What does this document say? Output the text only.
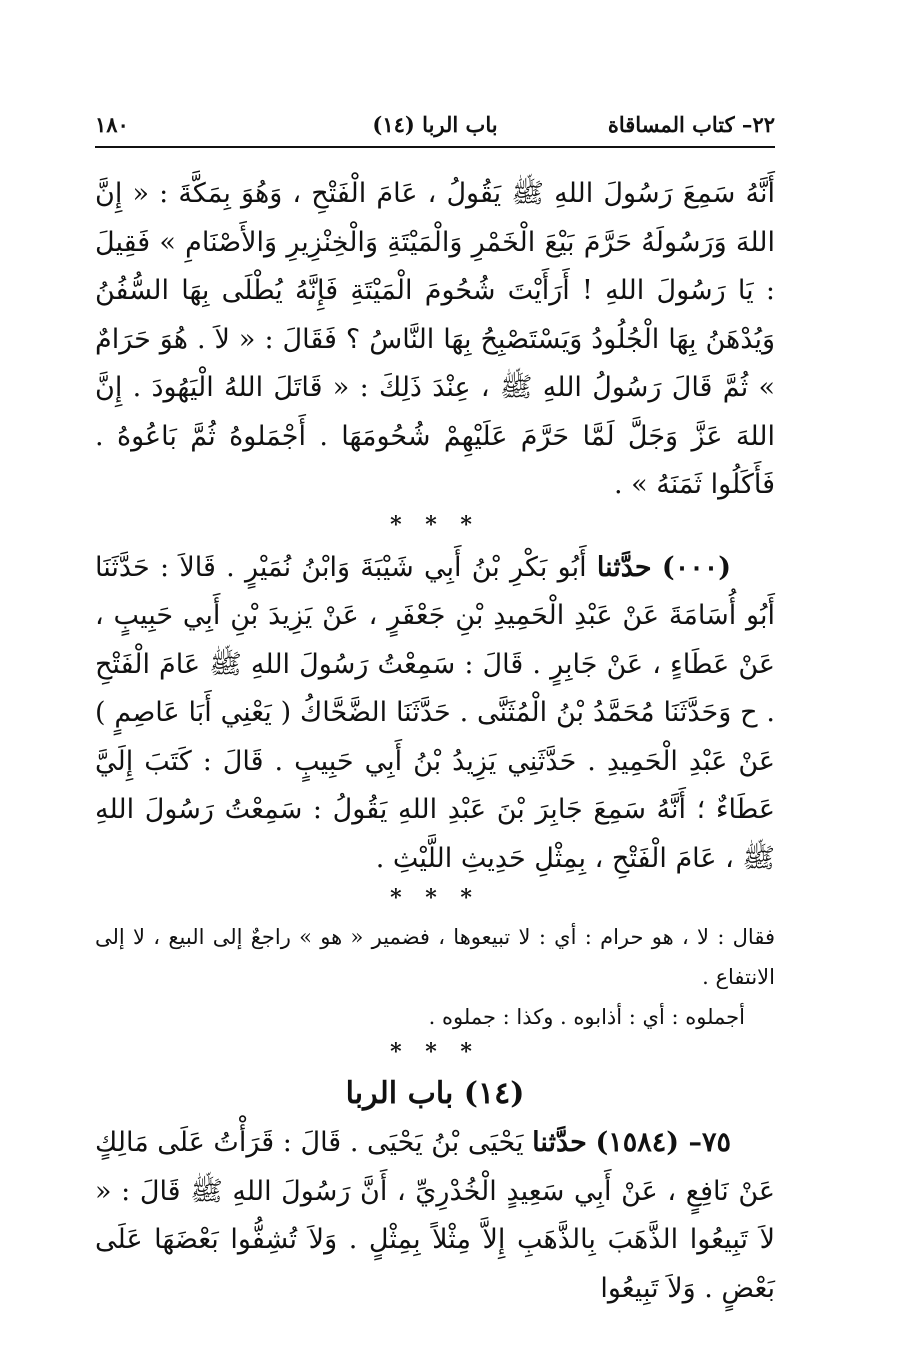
١٨٠	(١٤) باب الربا	٢٢– كتاب المساقاة

أَنَّهُ سَمِعَ رَسُولَ اللهِ ﷺ يَقُولُ ، عَامَ الْفَتْحِ ، وَهُوَ بِمَكَّةَ : « إِنَّ اللهَ وَرَسُولَهُ حَرَّمَ بَيْعَ الْخَمْرِ وَالْمَيْتَةِ وَالْخِنْزِيرِ وَالأَصْنَامِ » فَقِيلَ : يَا رَسُولَ اللهِ ! أَرَأَيْتَ شُحُومَ الْمَيْتَةِ فَإِنَّهُ يُطْلَى بِهَا السُّفُنُ وَيُدْهَنُ بِهَا الْجُلُودُ وَيَسْتَصْبِحُ بِهَا النَّاسُ ؟ فَقَالَ : « لاَ . هُوَ حَرَامٌ » ثُمَّ قَالَ رَسُولُ اللهِ ﷺ ، عِنْدَ ذَلِكَ : « قَاتَلَ اللهُ الْيَهُودَ . إِنَّ اللهَ عَزَّ وَجَلَّ لَمَّا حَرَّمَ عَلَيْهِمْ شُحُومَهَا . أَجْمَلوهُ ثُمَّ بَاعُوهُ . فَأَكَلُوا ثَمَنَهُ » .

* * *

(٠٠٠) حدَّثنا أَبُو بَكْرِ بْنُ أَبِي شَيْبَةَ وَابْنُ نُمَيْرٍ . قَالاَ : حَدَّثَنَا أَبُو أُسَامَةَ عَنْ عَبْدِ الْحَمِيدِ بْنِ جَعْفَرٍ ، عَنْ يَزِيدَ بْنِ أَبِي حَبِيبٍ ، عَنْ عَطَاءٍ ، عَنْ جَابِرٍ . قَالَ : سَمِعْتُ رَسُولَ اللهِ ﷺ عَامَ الْفَتْحِ . ح وَحَدَّثَنَا مُحَمَّدُ بْنُ الْمُثَنَّى . حَدَّثَنَا الضَّحَّاكُ ( يَعْنِي أَبَا عَاصِمٍ ) عَنْ عَبْدِ الْحَمِيدِ . حَدَّثَنِي يَزِيدُ بْنُ أَبِي حَبِيبٍ . قَالَ : كَتَبَ إِلَيَّ عَطَاءٌ ؛ أَنَّهُ سَمِعَ جَابِرَ بْنَ عَبْدِ اللهِ يَقُولُ : سَمِعْتُ رَسُولَ اللهِ ﷺ ، عَامَ الْفَتْحِ ، بِمِثْلِ حَدِيثِ اللَّيْثِ .

* * *

فقال : لا ، هو حرام : أي : لا تبيعوها ، فضمير « هو » راجعٌ إلى البيع ، لا إلى الانتفاع .

أجملوه : أي : أذابوه . وكذا : جملوه .

* * *
(١٤) باب الربا

٧٥– (١٥٨٤) حدَّثنا يَحْيَى بْنُ يَحْيَى . قَالَ : قَرَأْتُ عَلَى مَالِكٍ عَنْ نَافِعٍ ، عَنْ أَبِي سَعِيدٍ الْخُدْرِيِّ ، أَنَّ رَسُولَ اللهِ ﷺ قَالَ : « لاَ تَبِيعُوا الذَّهَبَ بِالذَّهَبِ إِلاَّ مِثْلاً بِمِثْلٍ . وَلاَ تُشِفُّوا بَعْضَهَا عَلَى بَعْضٍ . وَلاَ تَبِيعُوا
